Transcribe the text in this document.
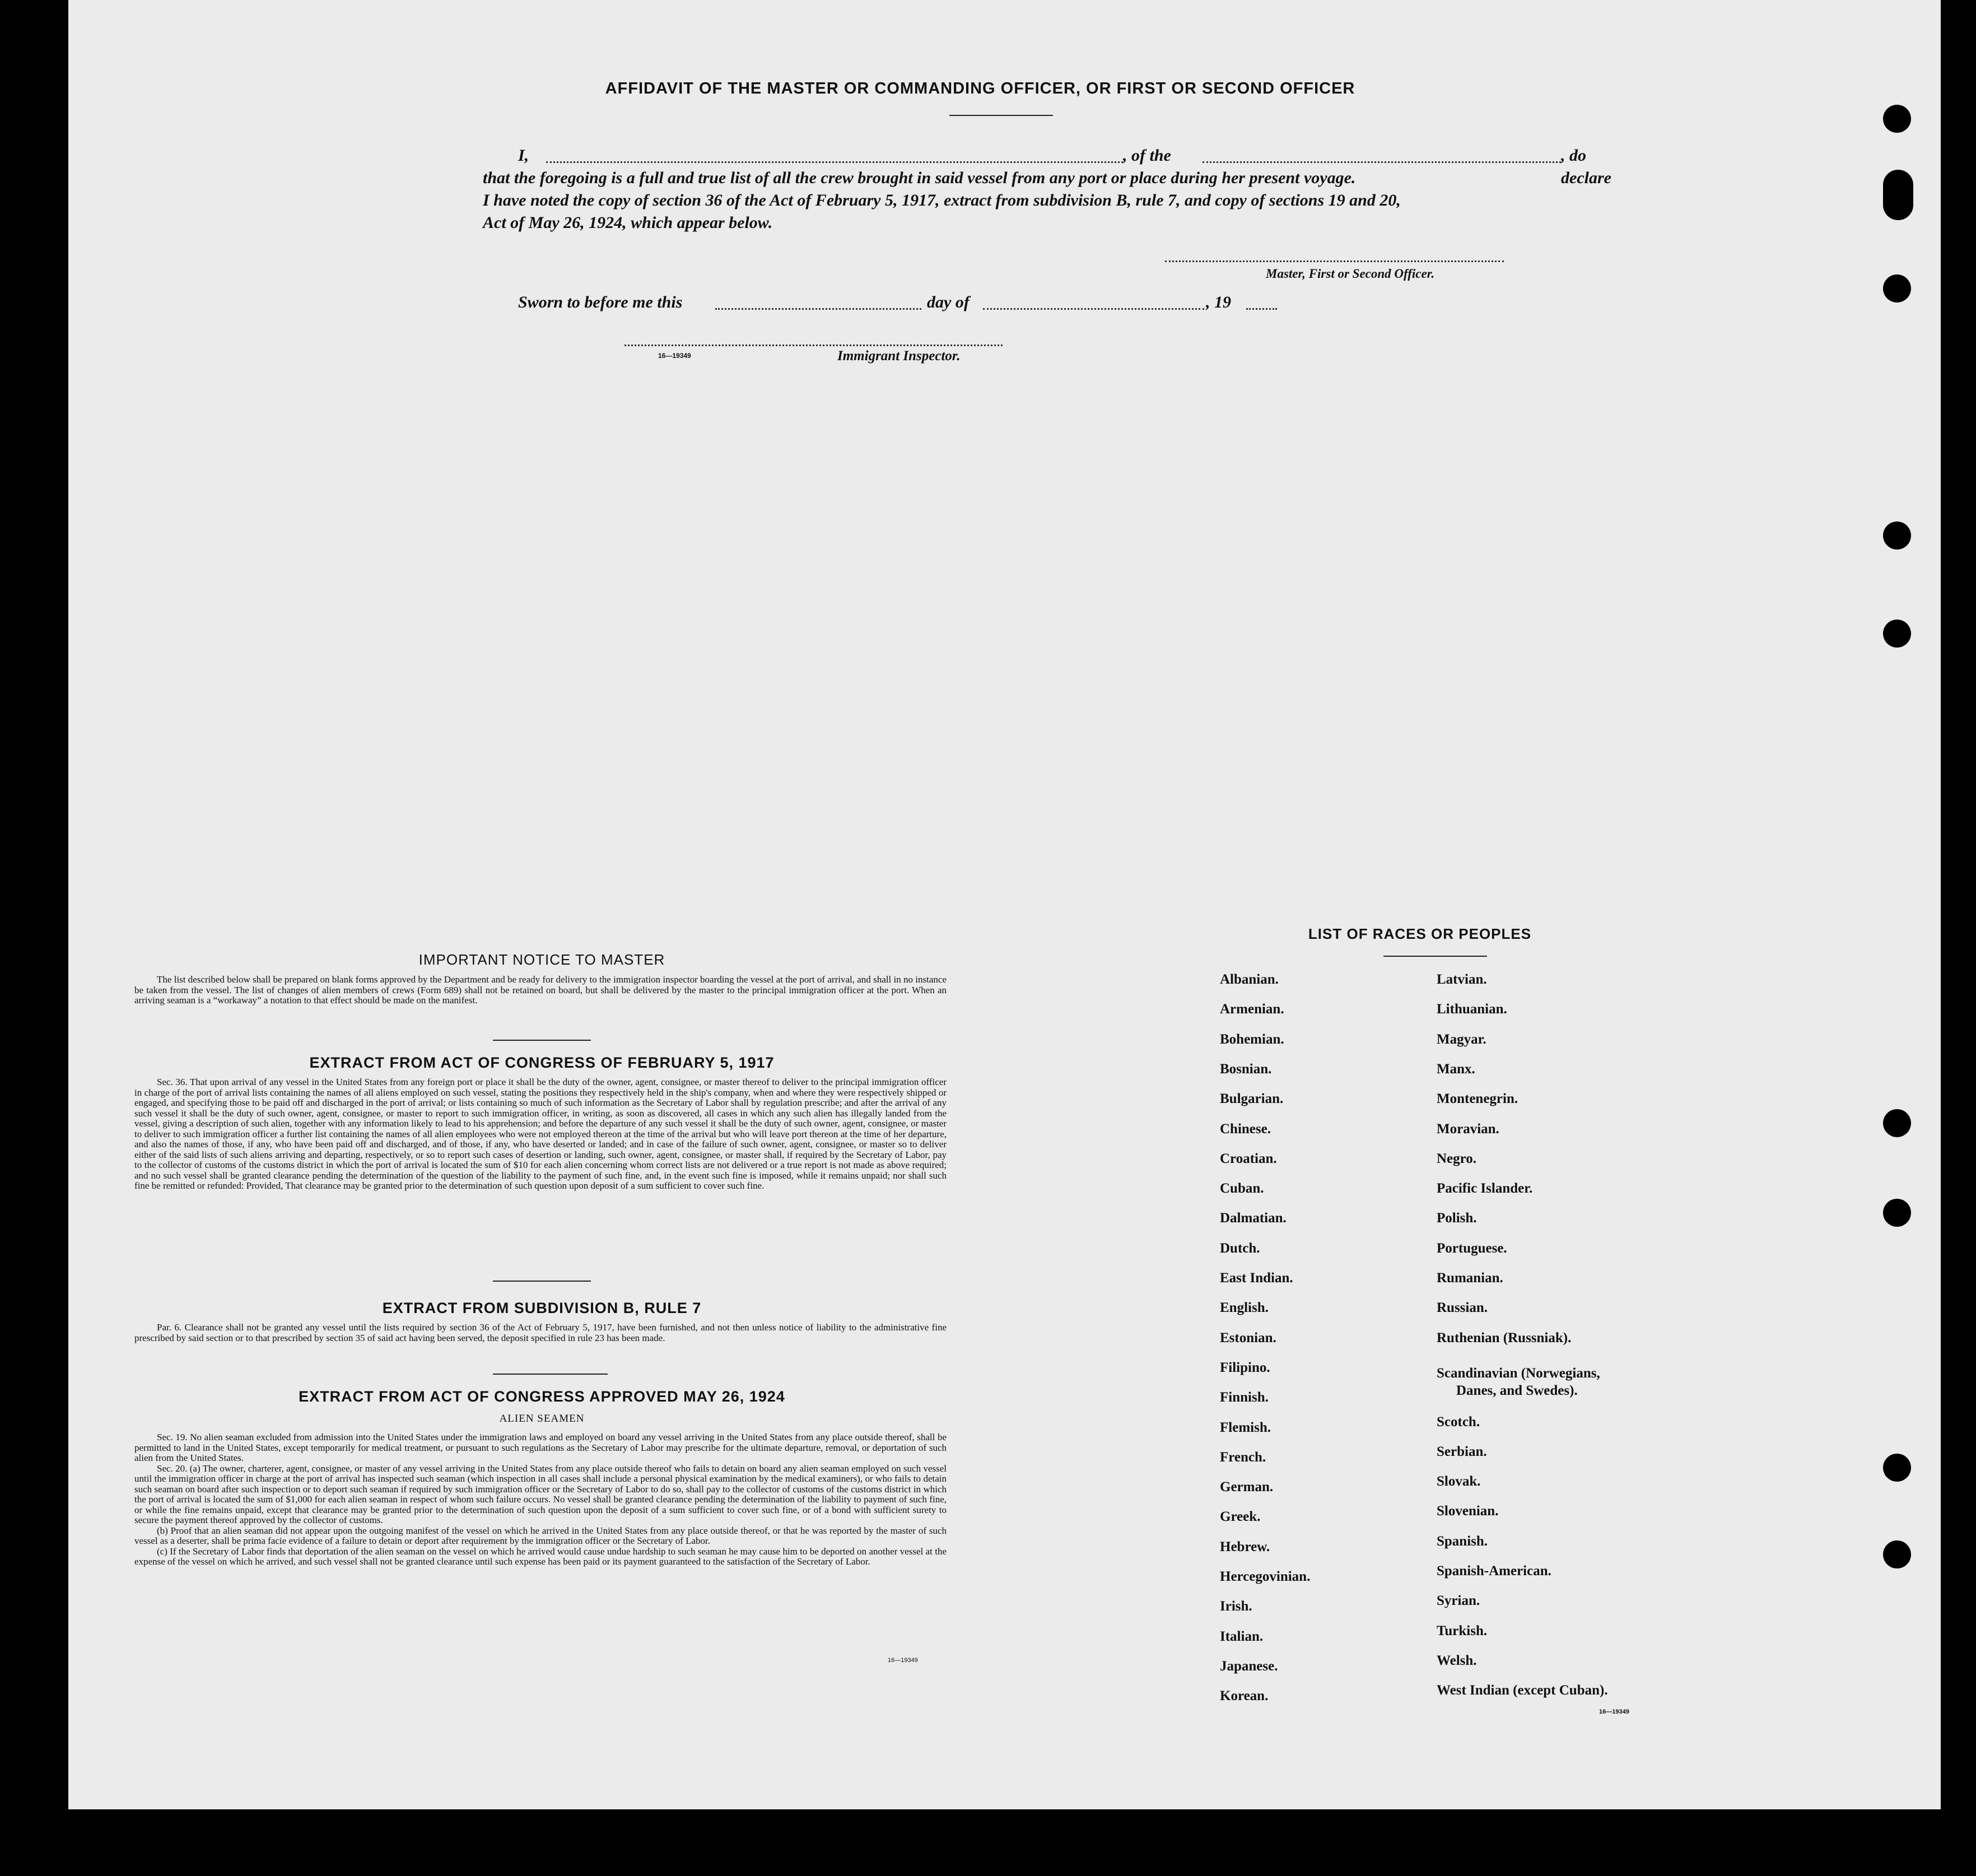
AFFIDAVIT OF THE MASTER OR COMMANDING OFFICER, OR FIRST OR SECOND OFFICER
I,	, of the	, do declare
that the foregoing is a full and true list of all the crew brought in said vessel from any port or place during her present voyage.
I have noted the copy of section 36 of the Act of February 5, 1917, extract from subdivision B, rule 7, and copy of sections 19 and 20,
Act of May 26, 1924, which appear below.
Master, First or Second Officer.
Sworn to before me this	day of	, 19
16—19349	Immigrant Inspector.
IMPORTANT NOTICE TO MASTER

The list described below shall be prepared on blank forms approved by the Department and be ready for delivery to the immigration inspector boarding the vessel at the port of arrival, and shall in no instance be taken from the vessel. The list of changes of alien members of crews (Form 689) shall not be retained on board, but shall be delivered by the master to the principal immigration officer at the port. When an arriving seaman is a “workaway” a notation to that effect should be made on the manifest.

EXTRACT FROM ACT OF CONGRESS OF FEBRUARY 5, 1917

Sec. 36. That upon arrival of any vessel in the United States from any foreign port or place it shall be the duty of the owner, agent, consignee, or master thereof to deliver to the principal immigration officer in charge of the port of arrival lists containing the names of all aliens employed on such vessel, stating the positions they respectively held in the ship's company, when and where they were respectively shipped or engaged, and specifying those to be paid off and discharged in the port of arrival; or lists containing so much of such information as the Secretary of Labor shall by regulation prescribe; and after the arrival of any such vessel it shall be the duty of such owner, agent, consignee, or master to report to such immigration officer, in writing, as soon as discovered, all cases in which any such alien has illegally landed from the vessel, giving a description of such alien, together with any information likely to lead to his apprehension; and before the departure of any such vessel it shall be the duty of such owner, agent, consignee, or master to deliver to such immigration officer a further list containing the names of all alien employees who were not employed thereon at the time of the arrival but who will leave port thereon at the time of her departure, and also the names of those, if any, who have been paid off and discharged, and of those, if any, who have deserted or landed; and in case of the failure of such owner, agent, consignee, or master so to deliver either of the said lists of such aliens arriving and departing, respectively, or so to report such cases of desertion or landing, such owner, agent, consignee, or master shall, if required by the Secretary of Labor, pay to the collector of customs of the customs district in which the port of arrival is located the sum of $10 for each alien concerning whom correct lists are not delivered or a true report is not made as above required; and no such vessel shall be granted clearance pending the determination of the question of the liability to the payment of such fine, and, in the event such fine is imposed, while it remains unpaid; nor shall such fine be remitted or refunded: Provided, That clearance may be granted prior to the determination of such question upon deposit of a sum sufficient to cover such fine.

EXTRACT FROM SUBDIVISION B, RULE 7

Par. 6. Clearance shall not be granted any vessel until the lists required by section 36 of the Act of February 5, 1917, have been furnished, and not then unless notice of liability to the administrative fine prescribed by said section or to that prescribed by section 35 of said act having been served, the deposit specified in rule 23 has been made.

EXTRACT FROM ACT OF CONGRESS APPROVED MAY 26, 1924
ALIEN SEAMEN

Sec. 19. No alien seaman excluded from admission into the United States under the immigration laws and employed on board any vessel arriving in the United States from any place outside thereof, shall be permitted to land in the United States, except temporarily for medical treatment, or pursuant to such regulations as the Secretary of Labor may prescribe for the ultimate departure, removal, or deportation of such alien from the United States.

Sec. 20. (a) The owner, charterer, agent, consignee, or master of any vessel arriving in the United States from any place outside thereof who fails to detain on board any alien seaman employed on such vessel until the immigration officer in charge at the port of arrival has inspected such seaman (which inspection in all cases shall include a personal physical examination by the medical examiners), or who fails to detain such seaman on board after such inspection or to deport such seaman if required by such immigration officer or the Secretary of Labor to do so, shall pay to the collector of customs of the customs district in which the port of arrival is located the sum of $1,000 for each alien seaman in respect of whom such failure occurs. No vessel shall be granted clearance pending the determination of the liability to payment of such fine, or while the fine remains unpaid, except that clearance may be granted prior to the determination of such question upon the deposit of a sum sufficient to cover such fine, or of a bond with sufficient surety to secure the payment thereof approved by the collector of customs.

(b) Proof that an alien seaman did not appear upon the outgoing manifest of the vessel on which he arrived in the United States from any place outside thereof, or that he was reported by the master of such vessel as a deserter, shall be prima facie evidence of a failure to detain or deport after requirement by the immigration officer or the Secretary of Labor.

(c) If the Secretary of Labor finds that deportation of the alien seaman on the vessel on which he arrived would cause undue hardship to such seaman he may cause him to be deported on another vessel at the expense of the vessel on which he arrived, and such vessel shall not be granted clearance until such expense has been paid or its payment guaranteed to the satisfaction of the Secretary of Labor.

16—19349
LIST OF RACES OR PEOPLES
Albanian.
Armenian.
Bohemian.
Bosnian.
Bulgarian.
Chinese.
Croatian.
Cuban.
Dalmatian.
Dutch.
East Indian.
English.
Estonian.
Filipino.
Finnish.
Flemish.
French.
German.
Greek.
Hebrew.
Hercegovinian.
Irish.
Italian.
Japanese.
Korean.
Latvian.
Lithuanian.
Magyar.
Manx.
Montenegrin.
Moravian.
Negro.
Pacific Islander.
Polish.
Portuguese.
Rumanian.
Russian.
Ruthenian (Russniak).
Scandinavian (Norwegians,
Danes, and Swedes).
Scotch.
Serbian.
Slovak.
Slovenian.
Spanish.
Spanish-American.
Syrian.
Turkish.
Welsh.
West Indian (except Cuban).
16—19349
